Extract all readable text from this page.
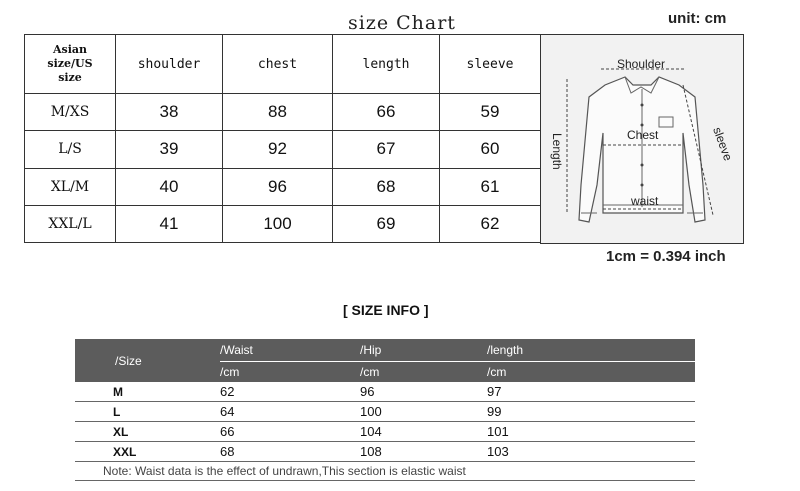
size Chart	unit: cm
Asian
size/US
size	shoulder	chest	length	sleeve
M/XS	38	88	66	59
L/S	39	92	67	60
XL/M	40	96	68	61
XXL/L	41	100	69	62
Shoulder
Chest
waist
Length	sleeve
1cm = 0.394 inch
[ SIZE INFO ]
/Size	/Waist	/Hip	/length
	/cm	/cm	/cm
M	62	96	97
L	64	100	99
XL	66	104	101
XXL	68	108	103
Note: Waist data is the effect of undrawn,This section is elastic waist			
